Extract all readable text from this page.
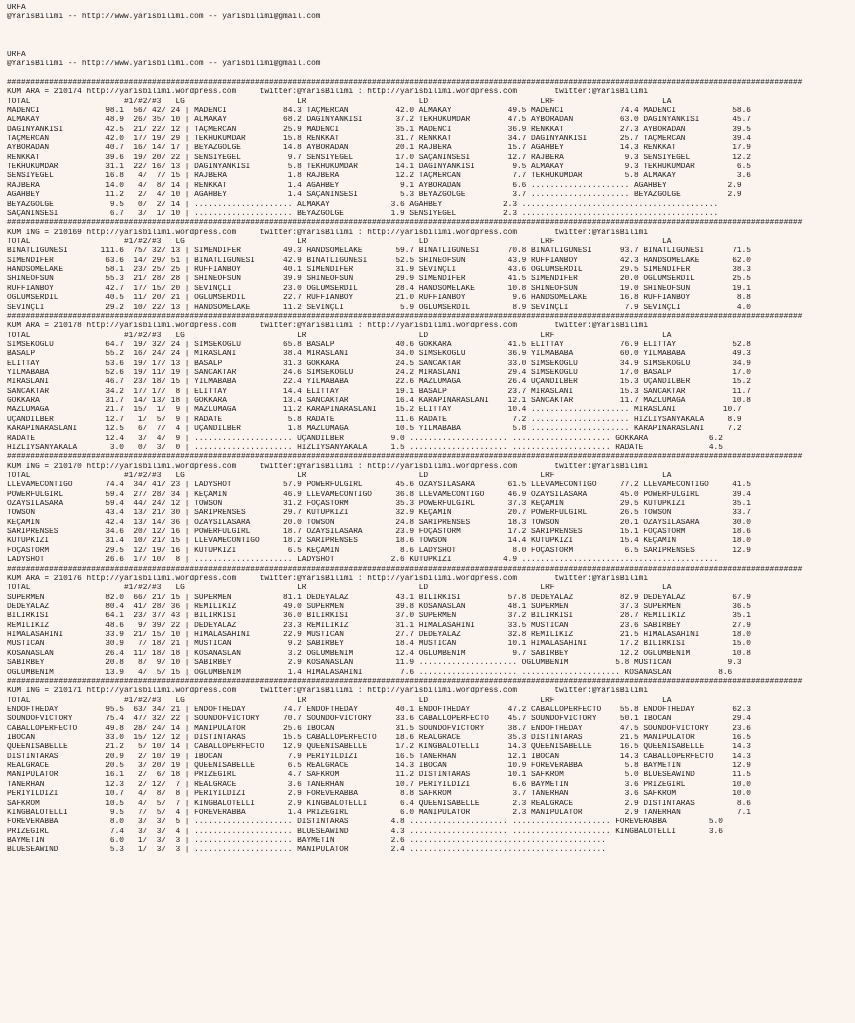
URFA
@YarisBilimi -- http://www.yarisbilimi.com -- yarisbilimi@gmail.com
URFA
@YarisBilimi -- http://www.yarisbilimi.com -- yarisbilimi@gmail.com
##########################################################################################################################################################################
KUM ARA = 210174 http://yarisbilimi.wordpress.com     twitter:@YarisBilimi : http://yarisbilimi.wordpress.com        twitter:@YarisBilimi
TOTAL                    #1/#2/#3   LG                        LR                        LD                        LRF                       LA
MADENCI              98.1  56/ 42/ 24 | MADENCI            84.3 TAÇMERCAN          42.0 ALMAKAY            49.5 MADENCI            74.4 MADENCI            58.6
ALMAKAY              48.9  26/ 35/ 10 | ALMAKAY            68.2 DAGINYANKISI       37.2 TEKHÜKÜMDAR        47.5 AYBORADAN          63.0 DAGINYANKISI       45.7
DAGINYANKISI         42.5  21/ 22/ 12 | TAÇMERCAN          25.9 MADENCI            35.1 MADENCI            36.9 RENKKAT            27.3 AYBORADAN          39.5
TAÇMERCAN            42.0  17/ 19/ 29 | TEKHÜKÜMDAR        15.8 RENKKAT            31.7 RENKKAT            34.7 DAGINYANKISI       25.7 TAÇMERCAN          39.4
AYBORADAN            40.7  16/ 14/ 17 | BEYAZGÖLGE         14.8 AYBORADAN          20.1 RAJBERA            15.7 AGAHBEY            14.3 RENKKAT            17.9
RENKKAT              39.6  19/ 20/ 22 | SENSIYEGEL          9.7 SENSIYEGEL         17.0 SAÇANINSESI        12.7 RAJBERA             9.3 SENSIYEGEL         12.2
TEKHÜKÜMDAR          31.1  22/ 16/ 13 | DAGINYANKISI        5.8 TEKHÜKÜMDAR        14.1 DAGINYANKISI        9.5 ALMAKAY             9.3 TEKHÜKÜMDAR         6.5
SENSIYEGEL           16.8   4/  7/ 15 | RAJBERA             1.8 RAJBERA            12.2 TAÇMERCAN           7.7 TEKHÜKÜMDAR         5.8 ALMAKAY             3.6
RAJBERA              14.0   4/  8/ 14 | RENKKAT             1.4 AGAHBEY             9.1 AYBORADAN           6.6 ..................... AGAHBEY             2.9
AGAHBEY              11.2   2/  4/ 10 | AGAHBEY             1.4 SAÇANINSESI         5.3 BEYAZGÖLGE          3.7 ..................... BEYAZGÖLGE          2.9
BEYAZGÖLGE            9.5   0/  2/ 14 | ..................... ALMAKAY             3.6 AGAHBEY             2.3 ..........................................
SAÇANINSESI           6.7   3/  1/ 10 | ..................... BEYAZGÖLGE          1.9 SENSIYEGEL          2.3 ..........................................
##########################################################################################################################################################################
KUM ING = 210169 http://yarisbilimi.wordpress.com     twitter:@YarisBilimi : http://yarisbilimi.wordpress.com        twitter:@YarisBilimi
TOTAL                    #1/#2/#3   LG                        LR                        LD                        LRF                       LA
BINATLIGÜNESI       111.6  75/ 32/ 13 | SIMENDIFER         49.3 HANDSOMELAKE       59.7 BINATLIGÜNESI      70.8 BINATLIGÜNESI      93.7 BINATLIGÜNESI      71.5
SIMENDIFER           63.6  14/ 29/ 51 | BINATLIGÜNESI      42.9 BINATLIGÜNESI      52.5 SHINEOFSUN         43.9 RUFFIANBOY         42.3 HANDSOMELAKE       62.0
HANDSOMELAKE         58.1  23/ 25/ 25 | RUFFIANBOY         40.1 SIMENDIFER         31.9 SEVINÇLI           43.6 OGLUMSERDIL        29.5 SIMENDIFER         38.3
SHINEOFSUN           55.3  21/ 28/ 28 | SHINEOFSUN         39.9 SHINEOFSUN         29.9 SIMENDIFER         41.5 SIMENDIFER         20.0 OGLUMSERDIL        25.5
RUFFIANBOY           42.7  17/ 15/ 20 | SEVINÇLI           23.0 OGLUMSERDIL        28.4 HANDSOMELAKE       10.8 SHINEOFSUN         19.0 SHINEOFSUN         19.1
OGLUMSERDIL          40.5  11/ 20/ 21 | OGLUMSERDIL        22.7 RUFFIANBOY         21.0 RUFFIANBOY          9.6 HANDSOMELAKE       16.8 RUFFIANBOY          8.8
SEVINÇLI             29.2  10/ 22/ 13 | HANDSOMELAKE       11.2 SEVINÇLI            5.9 OGLUMSERDIL         8.9 SEVINÇLI            7.9 SEVINÇLI            4.0
##########################################################################################################################################################################
KUM ARA = 210178 http://yarisbilimi.wordpress.com     twitter:@YarisBilimi : http://yarisbilimi.wordpress.com        twitter:@YarisBilimi
TOTAL                    #1/#2/#3   LG                        LR                        LD                        LRF                       LA
SIMSEKOGLU           64.7  19/ 32/ 24 | SIMSEKOGLU         65.8 BASALP             40.6 GÖKKARA            41.5 ELITTAY            76.9 ELITTAY            52.8
BASALP               55.2  16/ 24/ 24 | MIRASLANI          38.4 MIRASLANI          34.0 SIMSEKOGLU         36.9 YILMABABA          60.0 YILMABABA          49.3
ELITTAY              53.6  19/ 17/ 13 | BASALP             31.3 GÖKKARA            24.5 SANCAKTAR          33.0 SIMSEKOGLU         34.9 SIMSEKOGLU         34.9
YILMABABA            52.6  19/ 11/ 19 | SANCAKTAR          24.6 SIMSEKOGLU         24.2 MIRASLANI          29.4 SIMSEKOGLU         17.0 BASALP             17.0
MIRASLANI            46.7  23/ 18/ 15 | YILMABABA          22.4 YILMABABA          22.6 MAZLUMAGA          26.4 UÇANDILBER         15.3 UÇANDILBER         15.2
SANCAKTAR            34.2  17/ 17/  8 | ELITTAY            14.4 ELITTAY            19.1 BASALP             23.7 MIRASLANI          15.3 SANCAKTAR          11.7
GÖKKARA              31.7  14/ 13/ 18 | GÖKKARA            13.4 SANCAKTAR          16.4 KARAPINARASLANI    12.1 SANCAKTAR          11.7 MAZLUMAGA          10.8
MAZLUMAGA            21.7  15/  1/  9 | MAZLUMAGA          11.2 KARAPINARASLANI    15.2 ELITTAY            10.4 ..................... MIRASLANI          10.7
UÇANDILBER           12.7   1/  5/  9 | RADATE              5.8 RADATE             11.6 RADATE              7.2 ..................... HIZLIYSANYAKALA     8.9
KARAPINARASLANI      12.5   6/  7/  4 | UÇANDILBER          1.8 MAZLUMAGA          10.5 YILMABABA           5.8 ..................... KARAPINARASLANI     7.2
RADATE               12.4   3/  4/  9 | ..................... UÇANDILBER          9.0 ..................... ..................... GÖKKARA             6.2
HIZLIYSANYAKALA       3.0   0/  3/  0 | ..................... HIZLIYSANYAKALA     1.5 ..................... ..................... RADATE              4.5
##########################################################################################################################################################################
KUM ING = 210170 http://yarisbilimi.wordpress.com     twitter:@YarisBilimi : http://yarisbilimi.wordpress.com        twitter:@YarisBilimi
TOTAL                    #1/#2/#3   LG                        LR                        LD                        LRF                       LA
LLEVAMECONTIGO       74.4  34/ 41/ 23 | LADYSHOT           57.9 POWERFULGIRL       45.6 ÖZAYSILASARA       61.5 LLEVAMECONTIGO     77.2 LLEVAMECONTIGO     41.5
POWERFULGIRL         59.4  27/ 28/ 34 | KEÇAMIN            46.9 LLEVAMECONTIGO     36.8 LLEVAMECONTIGO     46.9 ÖZAYSILASARA       45.0 POWERFULGIRL       39.4
ÖZAYSILASARA         59.4  44/ 24/ 12 | TOWSON             31.2 FOÇASTORM          35.3 POWERFULGIRL       37.3 KEÇAMIN            29.5 KUTUPKIZI          35.1
TOWSON               43.4  13/ 21/ 30 | SARIPRENSES        29.7 KUTUPKIZI          32.9 KEÇAMIN            20.7 POWERFULGIRL       26.5 TOWSON             33.7
KEÇAMIN              42.4  13/ 14/ 36 | ÖZAYSILASARA       20.0 TOWSON             24.8 SARIPRENSES        18.3 TOWSON             20.1 ÖZAYSILASARA       30.0
SARIPRENSES          34.6  20/ 12/ 16 | POWERFULGIRL       18.7 ÖZAYSILASARA       23.9 FOÇASTORM          17.2 SARIPRENSES        15.1 FOÇASTORM          18.6
KUTUPKIZI            31.4  10/ 21/ 15 | LLEVAMECONTIGO     18.2 SARIPRENSES        18.6 TOWSON             14.4 KUTUPKIZI          15.4 KEÇAMIN            18.0
FOÇASTORM            29.5  12/ 19/ 16 | KUTUPKIZI           6.5 KEÇAMIN             8.6 LADYSHOT            8.0 FOÇASTORM           6.5 SARIPRENSES        12.9
LADYSHOT             26.6  17/ 10/  8 | ..................... LADYSHOT            2.6 KUTUPKIZI           4.9 ..........................................
##########################################################################################################################################################################
KUM ARA = 210176 http://yarisbilimi.wordpress.com     twitter:@YarisBilimi : http://yarisbilimi.wordpress.com        twitter:@YarisBilimi
TOTAL                    #1/#2/#3   LG                        LR                        LD                        LRF                       LA
SÜPERMEN             82.0  66/ 21/ 15 | SÜPERMEN           81.1 DEDEYALAZ          43.1 BILIRKISI          57.8 DEDEYALAZ          82.9 DEDEYALAZ          67.9
DEDEYALAZ            80.4  41/ 28/ 36 | REMILIKIZ          49.0 SÜPERMEN           39.8 KOSANASLAN         48.1 SÜPERMEN           37.3 SÜPERMEN           36.5
BILIRKISI            64.1  23/ 37/ 43 | BILIRKISI          36.0 BILIRKISI          37.0 SÜPERMEN           37.2 BILIRKISI          28.7 REMILIKIZ          35.1
REMILIKIZ            48.6   9/ 39/ 22 | DEDEYALAZ          23.3 REMILIKIZ          31.1 HIMALASAHINI       33.5 MUSTICAN           23.6 SABIRBEY           27.9
HIMALASAHINI         33.9  21/ 15/ 10 | HIMALASAHINI       22.9 MUSTICAN           27.7 DEDEYALAZ          32.8 REMILIKIZ          21.5 HIMALASAHINI       18.0
MUSTICAN             30.9   7/ 18/ 21 | MUSTICAN            9.2 SABIRBEY           18.4 MUSTICAN           10.1 HIMALASAHINI       17.2 BILIRKISI          15.0
KOSANASLAN           26.4  11/ 18/ 18 | KOSANASLAN          3.2 OGLUMBENIM         12.4 OGLUMBENIM          9.7 SABIRBEY           12.2 OGLUMBENIM         10.8
SABIRBEY             20.8   8/  9/ 10 | SABIRBEY            2.9 KOSANASLAN         11.9 ..................... OGLUMBENIM          5.8 MUSTICAN            9.3
OGLUMBENIM           13.9   4/  5/ 15 | OGLUMBENIM          1.4 HIMALASAHINI        7.6 ..................... ..................... KOSANASLAN          8.6
##########################################################################################################################################################################
KUM ING = 210171 http://yarisbilimi.wordpress.com     twitter:@YarisBilimi : http://yarisbilimi.wordpress.com        twitter:@YarisBilimi
TOTAL                    #1/#2/#3   LG                        LR                        LD                        LRF                       LA
ENDOFTHEDAY          95.5  63/ 34/ 21 | ENDOFTHEDAY        74.7 ENDOFTHEDAY        40.1 ENDOFTHEDAY        47.2 CABALLOPERFECTO    55.8 ENDOFTHEDAY        62.3
SOUNDOFVICTORY       75.4  47/ 32/ 22 | SOUNDOFVICTORY     70.7 SOUNDOFVICTORY     33.6 CABALLOPERFECTO    45.7 SOUNDOFVICTORY     50.1 IBOCAN             29.4
CABALLOPERFECTO      49.8  28/ 24/ 14 | MANIPÜLATÖR        25.6 IBOCAN             31.5 SOUNDOFVICTORY     38.7 ENDOFTHEDAY        47.5 SOUNDOFVICTORY     23.6
IBOCAN               33.0  15/ 12/ 12 | DISTINTARAS        15.5 CABALLOPERFECTO    18.6 REALGRACE          35.3 DISTINTARAS        21.5 MANIPÜLATÖR        16.5
QUEENISABELLE        21.2   5/ 10/ 14 | CABALLOPERFECTO    12.9 QUEENISABELLE      17.2 KINGBALOTELLI      14.3 QUEENISABELLE      16.5 QUEENISABELLE      14.3
DISTINTARAS          20.9   2/ 10/ 19 | IBOCAN              7.9 PERIYILDIZI        16.5 TANERHAN           12.1 IBOCAN             14.3 CABALLOPERFECTO    14.3
REALGRACE            20.5   3/ 20/ 19 | QUEENISABELLE       6.5 REALGRACE          14.3 IBOCAN             10.9 FOREVERABBA         5.8 BAYMETIN           12.9
MANIPÜLATÖR          16.1   2/  6/ 18 | PRIZEGIRL           4.7 SAFKROM            11.2 DISTINTARAS        10.1 SAFKROM             5.0 BLUESEAWIND        11.5
TANERHAN             12.3   2/ 12/  7 | REALGRACE           3.6 TANERHAN           10.7 PERIYILDIZI         6.6 BAYMETIN            3.6 PRIZEGIRL          10.0
PERIYILDIZI          10.7   4/  8/  8 | PERIYILDIZI         2.9 FOREVERABBA         8.8 SAFKROM             3.7 TANERHAN            3.6 SAFKROM            10.0
SAFKROM              10.5   4/  5/  7 | KINGBALOTELLI       2.9 KINGBALOTELLI       6.4 QUEENISABELLE       2.3 REALGRACE           2.9 DISTINTARAS         8.6
KINGBALOTELLI         9.5   7/  5/  4 | FOREVERABBA         1.4 PRIZEGIRL           6.0 MANIPÜLATÖR         2.3 MANIPÜLATÖR         2.9 TANERHAN            7.1
FOREVERABBA           8.0   3/  3/  5 | ..................... DISTINTARAS         4.8 ..................... ..................... FOREVERABBA         5.0
PRIZEGIRL             7.4   3/  3/  4 | ..................... BLUESEAWIND         4.3 ..................... ..................... KINGBALOTELLI       3.6
BAYMETIN              6.0   1/  3/  3 | ..................... BAYMETIN            2.6 ..........................................
BLUESEAWIND           5.3   1/  3/  3 | ..................... MANIPÜLATÖR         2.4 ..........................................
